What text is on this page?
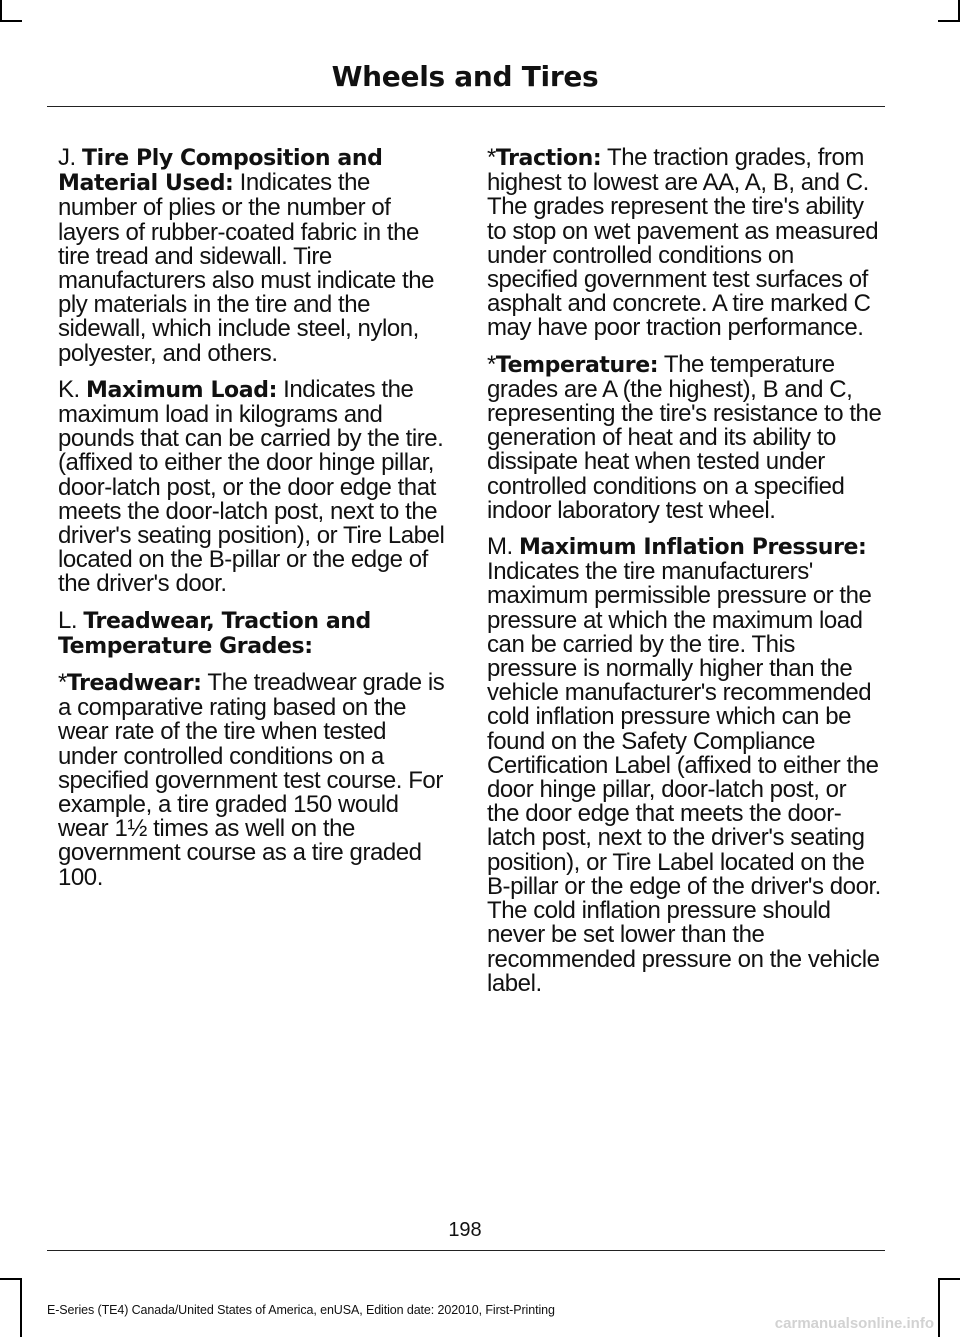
Wheels and Tires

J. Tire Ply Composition and Material Used: Indicates the number of plies or the number of layers of rubber-coated fabric in the tire tread and sidewall. Tire manufacturers also must indicate the ply materials in the tire and the sidewall, which include steel, nylon, polyester, and others.

K. Maximum Load: Indicates the maximum load in kilograms and pounds that can be carried by the tire. (affixed to either the door hinge pillar, door-latch post, or the door edge that meets the door-latch post, next to the driver's seating position), or Tire Label located on the B-pillar or the edge of the driver's door.

L. Treadwear, Traction and Temperature Grades:

*Treadwear: The treadwear grade is a comparative rating based on the wear rate of the tire when tested under controlled conditions on a specified government test course. For example, a tire graded 150 would wear 1½ times as well on the government course as a tire graded 100.

*Traction: The traction grades, from highest to lowest are AA, A, B, and C. The grades represent the tire's ability to stop on wet pavement as measured under controlled conditions on specified government test surfaces of asphalt and concrete. A tire marked C may have poor traction performance.

*Temperature: The temperature grades are A (the highest), B and C, representing the tire's resistance to the generation of heat and its ability to dissipate heat when tested under controlled conditions on a specified indoor laboratory test wheel.

M. Maximum Inflation Pressure: Indicates the tire manufacturers' maximum permissible pressure or the pressure at which the maximum load can be carried by the tire. This pressure is normally higher than the vehicle manufacturer's recommended cold inflation pressure which can be found on the Safety Compliance Certification Label (affixed to either the door hinge pillar, door-latch post, or the door edge that meets the door-latch post, next to the driver's seating position), or Tire Label located on the B-pillar or the edge of the driver's door. The cold inflation pressure should never be set lower than the recommended pressure on the vehicle label.

198
E-Series (TE4) Canada/United States of America, enUSA, Edition date: 202010, First-Printing
carmanualsonline.info
